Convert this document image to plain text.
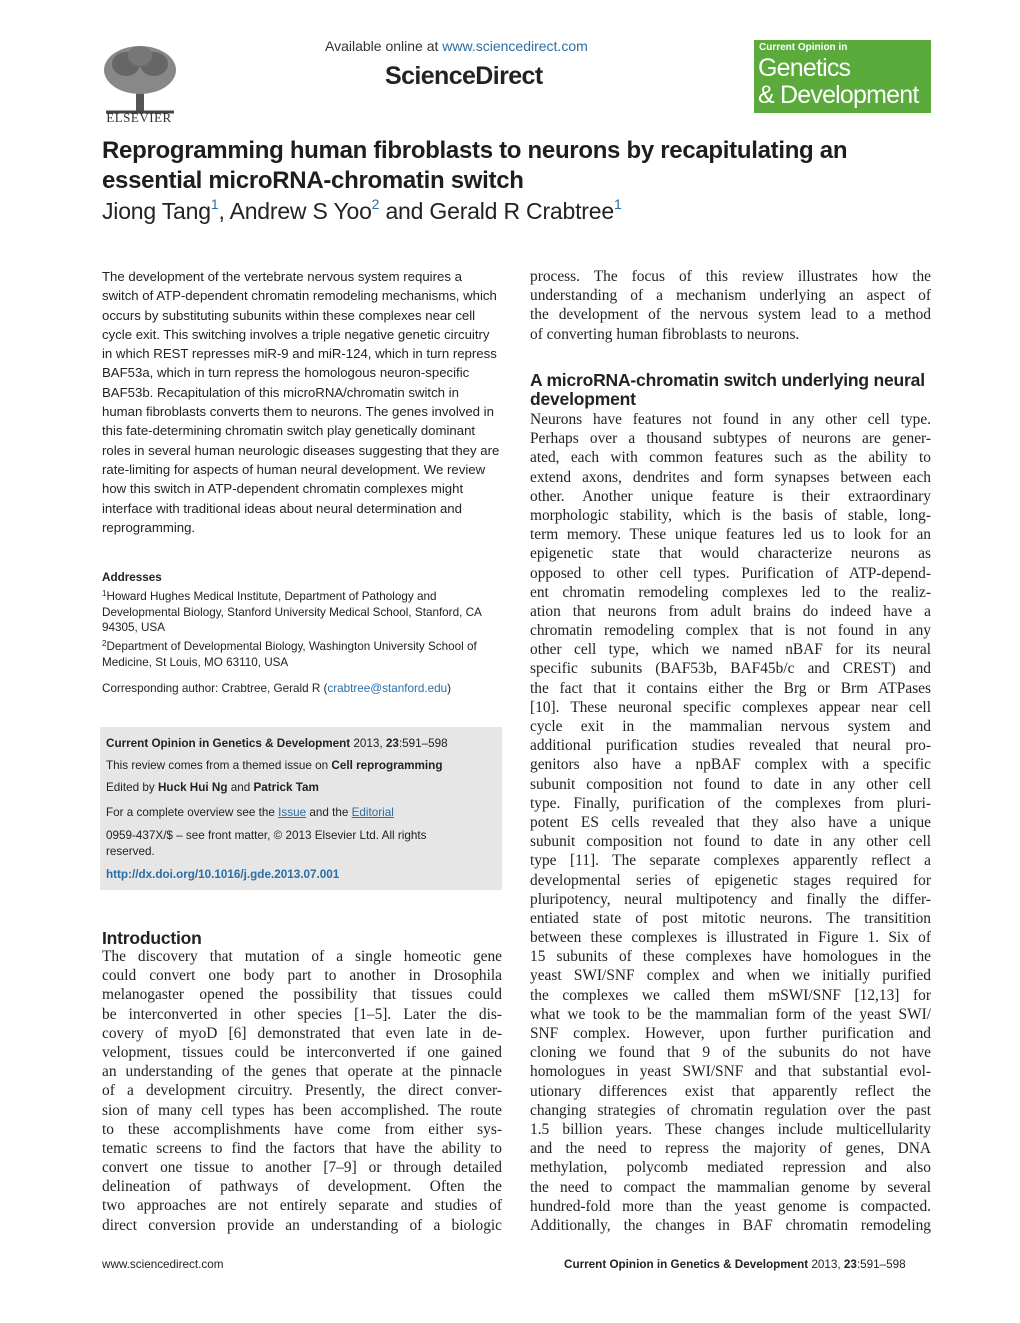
ELSEVIER
Available online at www.sciencedirect.com
ScienceDirect
Current Opinion in
Genetics
& Development
Reprogramming human fibroblasts to neurons by recapitulating an essential microRNA-chromatin switch
Jiong Tang$^1$, Andrew S Yoo$^2$ and Gerald R Crabtree$^1$
The development of the vertebrate nervous system requires a switch of ATP-dependent chromatin remodeling mechanisms, which occurs by substituting subunits within these complexes near cell cycle exit. This switching involves a triple negative genetic circuitry in which REST represses miR-9 and miR-124, which in turn repress BAF53a, which in turn repress the homologous neuron-specific BAF53b. Recapitulation of this microRNA/chromatin switch in human fibroblasts converts them to neurons. The genes involved in this fate-determining chromatin switch play genetically dominant roles in several human neurologic diseases suggesting that they are rate-limiting for aspects of human neural development. We review how this switch in ATP-dependent chromatin complexes might interface with traditional ideas about neural determination and reprogramming.

Addresses

$^1$Howard Hughes Medical Institute, Department of Pathology and Developmental Biology, Stanford University Medical School, Stanford, CA 94305, USA

$^2$Department of Developmental Biology, Washington University School of Medicine, St Louis, MO 63110, USA

Corresponding author: Crabtree, Gerald R (crabtree@stanford.edu)
Current Opinion in Genetics & Development 2013, 23:591–598
This review comes from a themed issue on Cell reprogramming
Edited by Huck Hui Ng and Patrick Tam
For a complete overview see the Issue and the Editorial
0959-437X/$ – see front matter, © 2013 Elsevier Ltd. All rights reserved.
http://dx.doi.org/10.1016/j.gde.2013.07.001
Introduction
The discovery that mutation of a single homeotic gene
could convert one body part to another in Drosophila
melanogaster opened the possibility that tissues could
be interconverted in other species [1–5]. Later the dis-
covery of myoD [6] demonstrated that even late in de-
velopment, tissues could be interconverted if one gained
an understanding of the genes that operate at the pinnacle
of a development circuitry. Presently, the direct conver-
sion of many cell types has been accomplished. The route
to these accomplishments have come from either sys-
tematic screens to find the factors that have the ability to
convert one tissue to another [7–9] or through detailed
delineation of pathways of development. Often the
two approaches are not entirely separate and studies of
direct conversion provide an understanding of a biologic
process. The focus of this review illustrates how the
understanding of a mechanism underlying an aspect of
the development of the nervous system lead to a method
of converting human fibroblasts to neurons.
A microRNA-chromatin switch underlying neural development
Neurons have features not found in any other cell type.
Perhaps over a thousand subtypes of neurons are gener-
ated, each with common features such as the ability to
extend axons, dendrites and form synapses between each
other. Another unique feature is their extraordinary
morphologic stability, which is the basis of stable, long-
term memory. These unique features led us to look for an
epigenetic state that would characterize neurons as
opposed to other cell types. Purification of ATP-depend-
ent chromatin remodeling complexes led to the realiz-
ation that neurons from adult brains do indeed have a
chromatin remodeling complex that is not found in any
other cell type, which we named nBAF for its neural
specific subunits (BAF53b, BAF45b/c and CREST) and
the fact that it contains either the Brg or Brm ATPases
[10]. These neuronal specific complexes appear near cell
cycle exit in the mammalian nervous system and
additional purification studies revealed that neural pro-
genitors also have a npBAF complex with a specific
subunit composition not found to date in any other cell
type. Finally, purification of the complexes from pluri-
potent ES cells revealed that they also have a unique
subunit composition not found to date in any other cell
type [11]. The separate complexes apparently reflect a
developmental series of epigenetic stages required for
pluripotency, neural multipotency and finally the differ-
entiated state of post mitotic neurons. The transitition
between these complexes is illustrated in Figure 1. Six of
15 subunits of these complexes have homologues in the
yeast SWI/SNF complex and when we initially purified
the complexes we called them mSWI/SNF [12,13] for
what we took to be the mammalian form of the yeast SWI/
SNF complex. However, upon further purification and
cloning we found that 9 of the subunits do not have
homologues in yeast SWI/SNF and that substantial evol-
utionary differences exist that apparently reflect the
changing strategies of chromatin regulation over the past
1.5 billion years. These changes include multicellularity
and the need to repress the majority of genes, DNA
methylation, polycomb mediated repression and also
the need to compact the mammalian genome by several
hundred-fold more than the yeast genome is compacted.
Additionally, the changes in BAF chromatin remodeling
www.sciencedirect.com	Current Opinion in Genetics & Development 2013, 23:591–598
